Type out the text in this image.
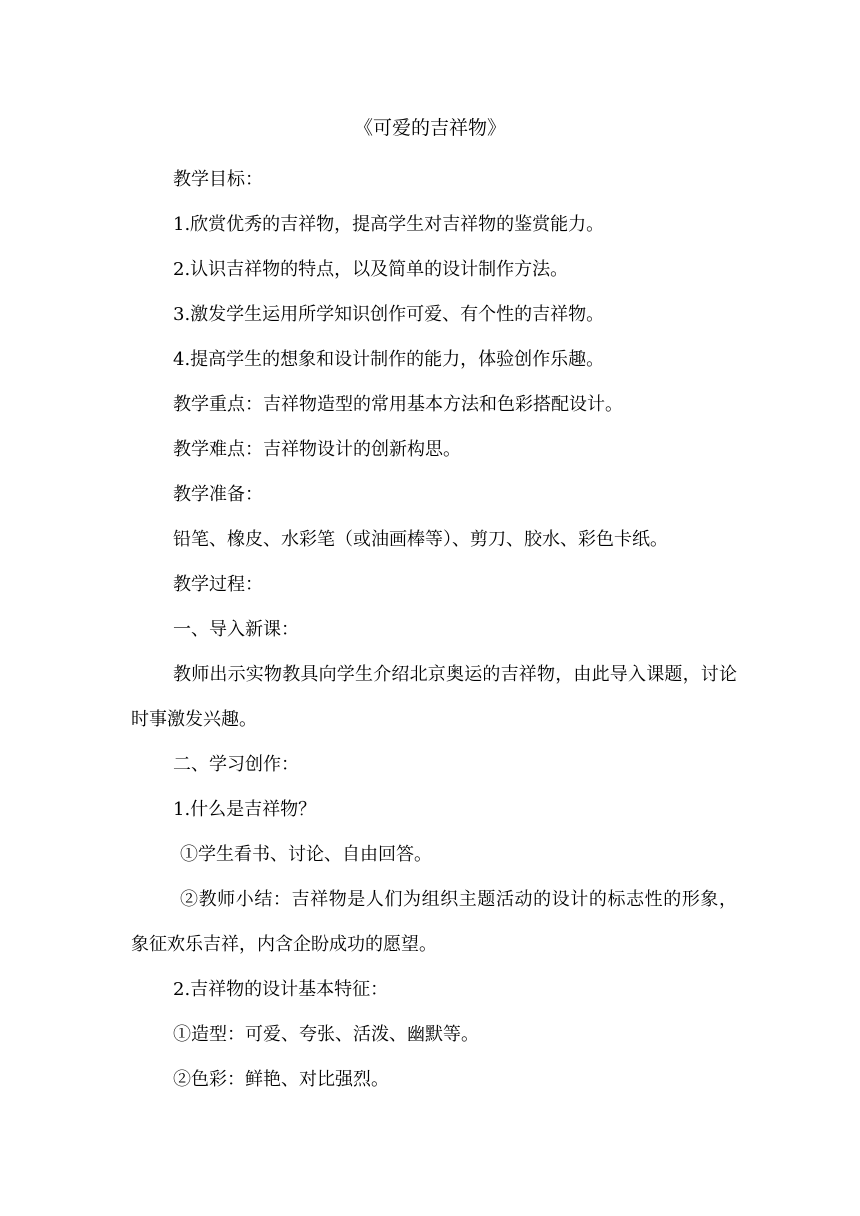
《可爱的吉祥物》

教学目标：

1.欣赏优秀的吉祥物，提高学生对吉祥物的鉴赏能力。

2.认识吉祥物的特点，以及简单的设计制作方法。

3.激发学生运用所学知识创作可爱、有个性的吉祥物。

4.提高学生的想象和设计制作的能力，体验创作乐趣。

教学重点：吉祥物造型的常用基本方法和色彩搭配设计。

教学难点：吉祥物设计的创新构思。

教学准备：

铅笔、橡皮、水彩笔（或油画棒等）、剪刀、胶水、彩色卡纸。

教学过程：

一、导入新课：

教师出示实物教具向学生介绍北京奥运的吉祥物，由此导入课题，讨论时事激发兴趣。

二、学习创作：

1.什么是吉祥物？

①学生看书、讨论、自由回答。

②教师小结：吉祥物是人们为组织主题活动的设计的标志性的形象，象征欢乐吉祥，内含企盼成功的愿望。

2.吉祥物的设计基本特征：

①造型：可爱、夸张、活泼、幽默等。

②色彩：鲜艳、对比强烈。
